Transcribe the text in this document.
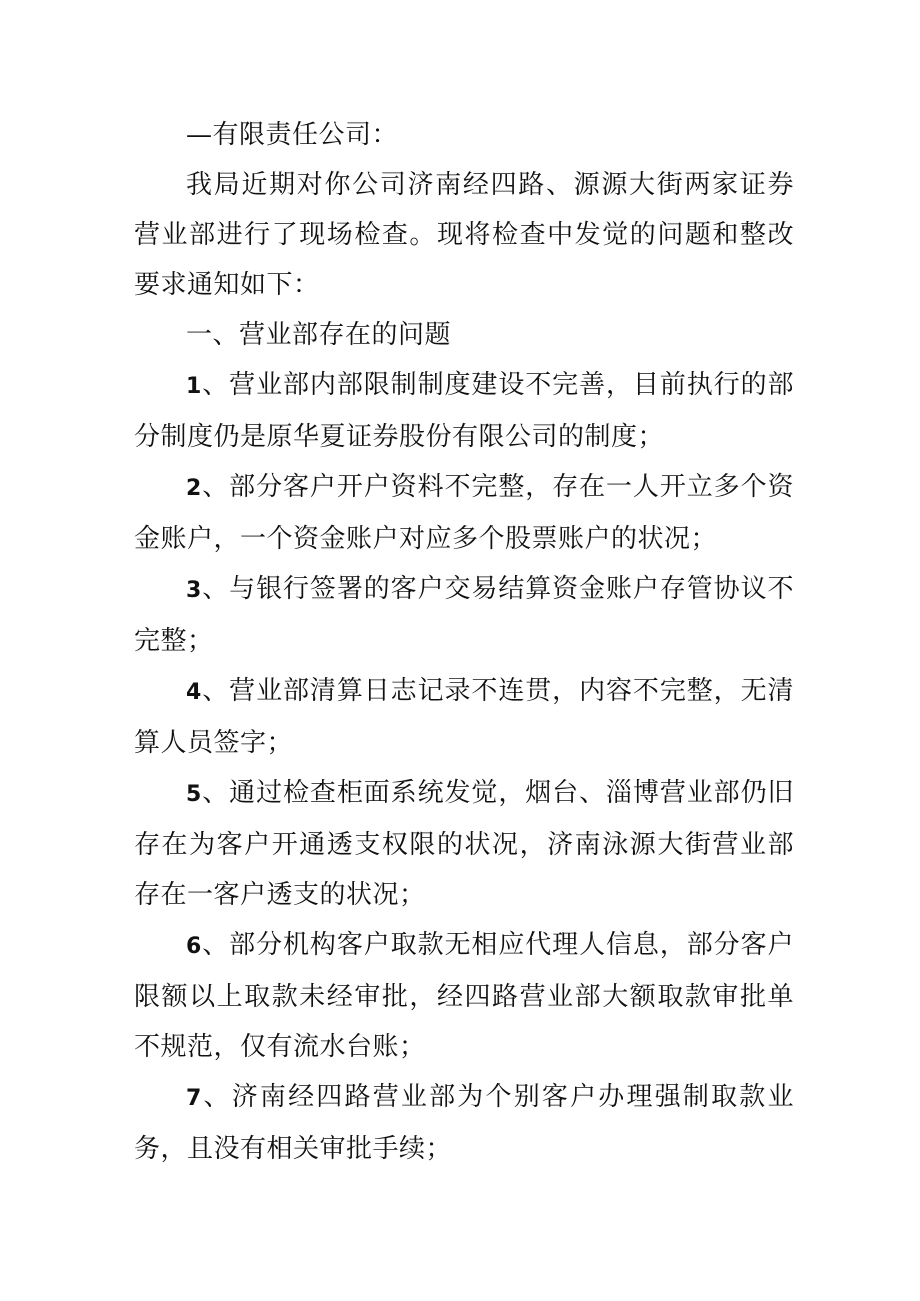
—有限责任公司：

我局近期对你公司济南经四路、源源大街两家证券营业部进行了现场检查。现将检查中发觉的问题和整改要求通知如下：

一、营业部存在的问题

1、营业部内部限制制度建设不完善，目前执行的部分制度仍是原华夏证券股份有限公司的制度；

2、部分客户开户资料不完整，存在一人开立多个资金账户，一个资金账户对应多个股票账户的状况；

3、与银行签署的客户交易结算资金账户存管协议不完整；

4、营业部清算日志记录不连贯，内容不完整，无清算人员签字；

5、通过检查柜面系统发觉，烟台、淄博营业部仍旧存在为客户开通透支权限的状况，济南泳源大街营业部存在一客户透支的状况；

6、部分机构客户取款无相应代理人信息，部分客户限额以上取款未经审批，经四路营业部大额取款审批单不规范，仅有流水台账；

7、济南经四路营业部为个别客户办理强制取款业务，且没有相关审批手续；
